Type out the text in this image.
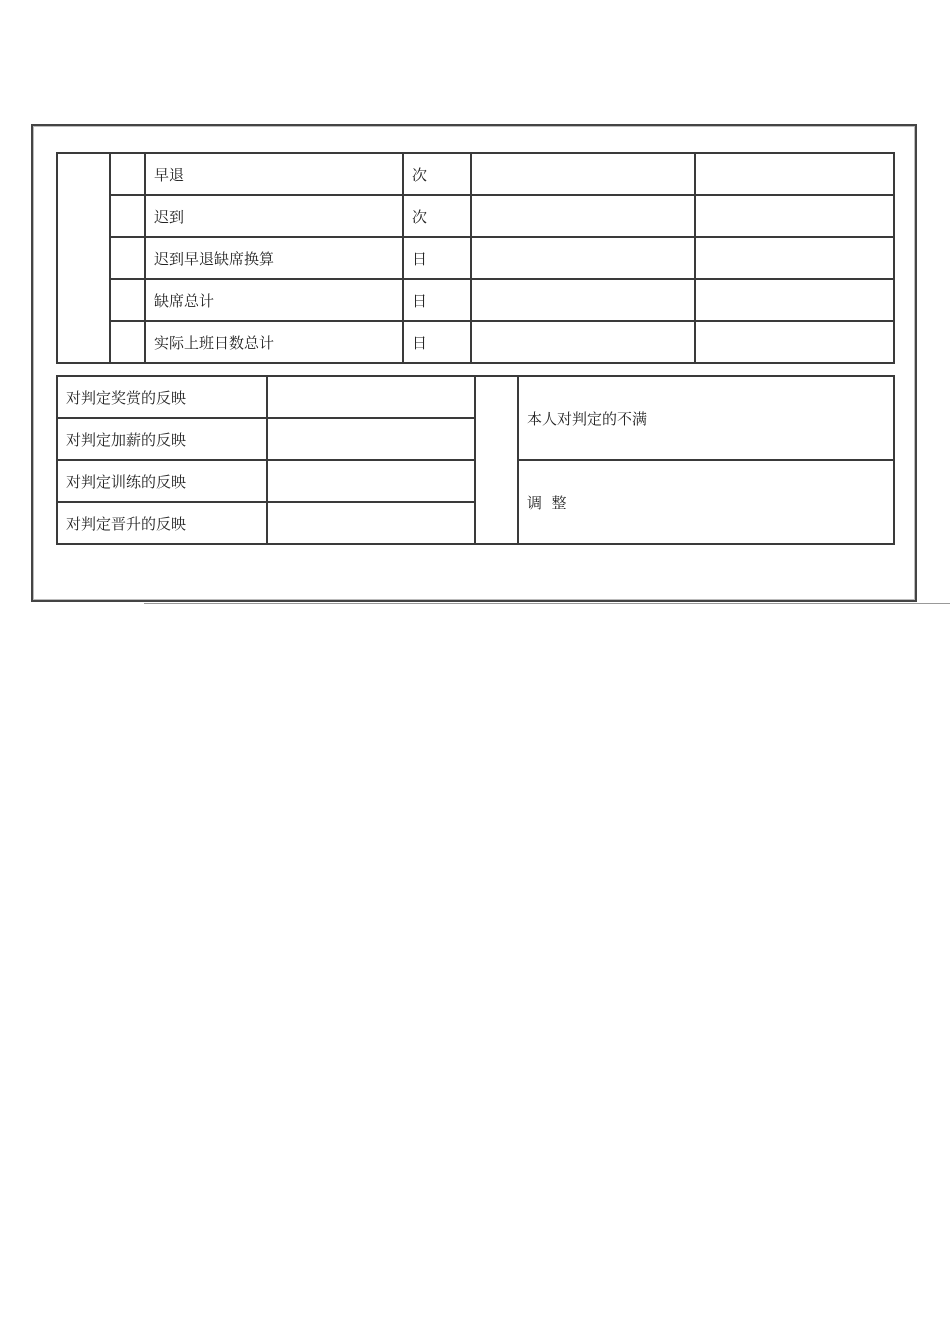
		早退	次		
		迟到	次		
		迟到早退缺席换算	日		
		缺席总计	日		
		实际上班日数总计	日		
对判定奖赏的反映			本人对判定的不满
对判定加薪的反映			
对判定训练的反映			调  整
对判定晋升的反映			
